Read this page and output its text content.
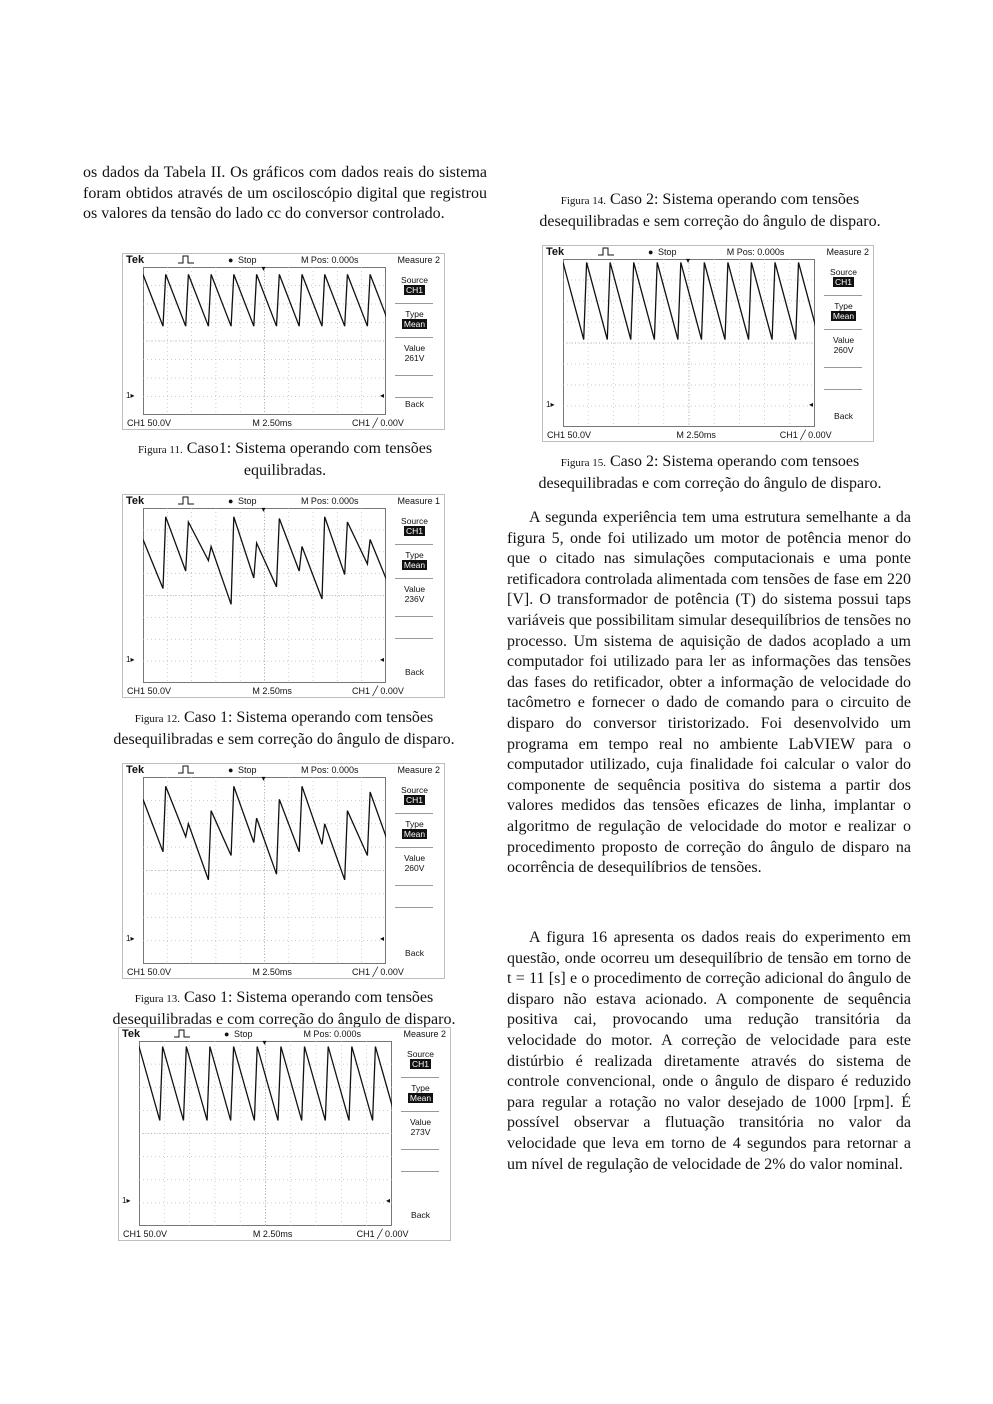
os dados da Tabela II. Os gráficos com dados reais do sistema foram obtidos através de um osciloscópio digital que registrou os valores da tensão do lado cc do conversor controlado.

Tek	● Stop	M Pos: 0.000s	Measure 2
▾
1▸	◂
Source
CH1
Type
Mean
Value
261V
Back
CH1 50.0V	M 2.50ms	CH1 ╱ 0.00V

Figura 11. Caso1: Sistema operando com tensões equilibradas.

Tek	● Stop	M Pos: 0.000s	Measure 1
▾
1▸	◂
Source
CH1
Type
Mean
Value
236V
Back
CH1 50.0V	M 2.50ms	CH1 ╱ 0.00V

Figura 12. Caso 1: Sistema operando com tensões desequilibradas e sem correção do ângulo de disparo.

Tek	● Stop	M Pos: 0.000s	Measure 2
▾
1▸	◂
Source
CH1
Type
Mean
Value
260V
Back
CH1 50.0V	M 2.50ms	CH1 ╱ 0.00V

Figura 13. Caso 1: Sistema operando com tensões desequilibradas e com correção do ângulo de disparo.

Tek	● Stop	M Pos: 0.000s	Measure 2
▾
1▸	◂
Source
CH1
Type
Mean
Value
273V
Back
CH1 50.0V	M 2.50ms	CH1 ╱ 0.00V

Figura 14. Caso 2: Sistema operando com tensões desequilibradas e sem correção do ângulo de disparo.

Tek	● Stop	M Pos: 0.000s	Measure 2
▾
1▸	◂
Source
CH1
Type
Mean
Value
260V
Back
CH1 50.0V	M 2.50ms	CH1 ╱ 0.00V

Figura 15. Caso 2: Sistema operando com tensoes desequilibradas e com correção do ângulo de disparo.

A segunda experiência tem uma estrutura semelhante a da figura 5, onde foi utilizado um motor de potência menor do que o citado nas simulações computacionais e uma ponte retificadora controlada alimentada com tensões de fase em 220 [V]. O transformador de potência (T) do sistema possui taps variáveis que possibilitam simular desequilíbrios de tensões no processo. Um sistema de aquisição de dados acoplado a um computador foi utilizado para ler as informações das tensões das fases do retificador, obter a informação de velocidade do tacômetro e fornecer o dado de comando para o circuito de disparo do conversor tiristorizado. Foi desenvolvido um programa em tempo real no ambiente LabVIEW para o computador utilizado, cuja finalidade foi calcular o valor do componente de sequência positiva do sistema a partir dos valores medidos das tensões eficazes de linha, implantar o algoritmo de regulação de velocidade do motor e realizar o procedimento proposto de correção do ângulo de disparo na ocorrência de desequilíbrios de tensões.

A figura 16 apresenta os dados reais do experimento em questão, onde ocorreu um desequilíbrio de tensão em torno de t = 11 [s] e o procedimento de correção adicional do ângulo de disparo não estava acionado. A componente de sequência positiva cai, provocando uma redução transitória da velocidade do motor. A correção de velocidade para este distúrbio é realizada diretamente através do sistema de controle convencional, onde o ângulo de disparo é reduzido para regular a rotação no valor desejado de 1000 [rpm]. É possível observar a flutuação transitória no valor da velocidade que leva em torno de 4 segundos para retornar a um nível de regulação de velocidade de 2% do valor nominal.
